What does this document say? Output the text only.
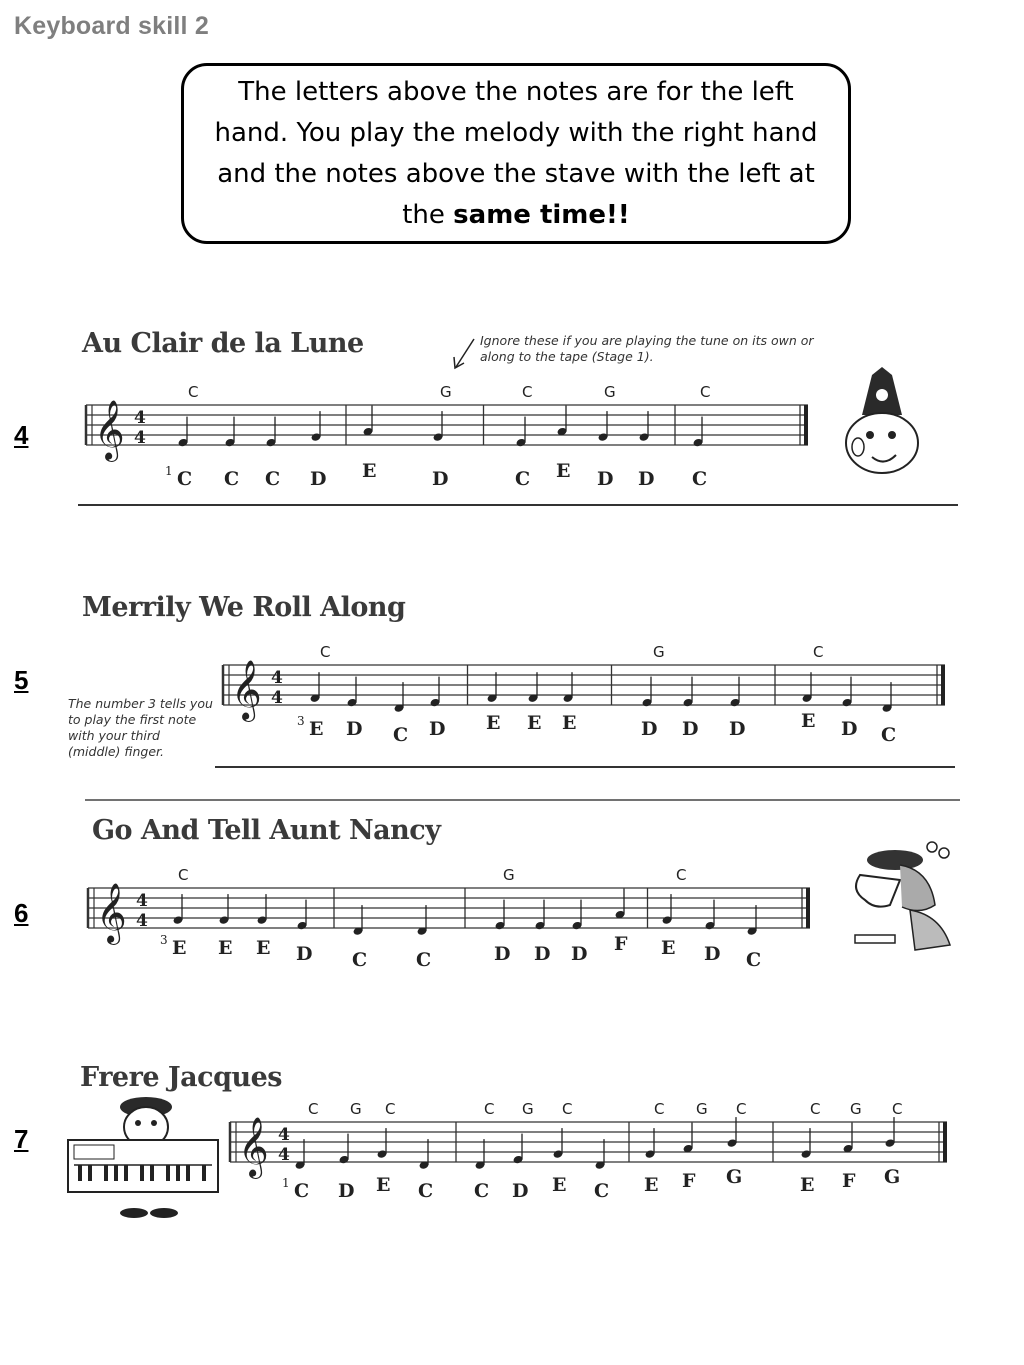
Keyboard skill 2
The letters above the notes are for the left hand. You play the melody with the right hand and the notes above the stave with the left at the same time!!
4
5
6
7
Au Clair de la Lune
Merrily We Roll Along
Go And Tell Aunt Nancy
Frere Jacques
Ignore these if you are playing the tune on its own or along to the tape (Stage 1).
The number 3 tells you to play the first note with your third (middle) finger.
𝄞 4
4
C	G	C	G	C
C C C D E	D	C E D D C
1
𝄞 4
4
C	G	C
E D C D E E E	D D D	E D C
3
𝄞 4
4
C	G	C
E E E D C	C	D D D F E D C
3
𝄞 4
4
C G C	C G C	C G C	C G C
C D E C C D E C E F G	E F G
1
